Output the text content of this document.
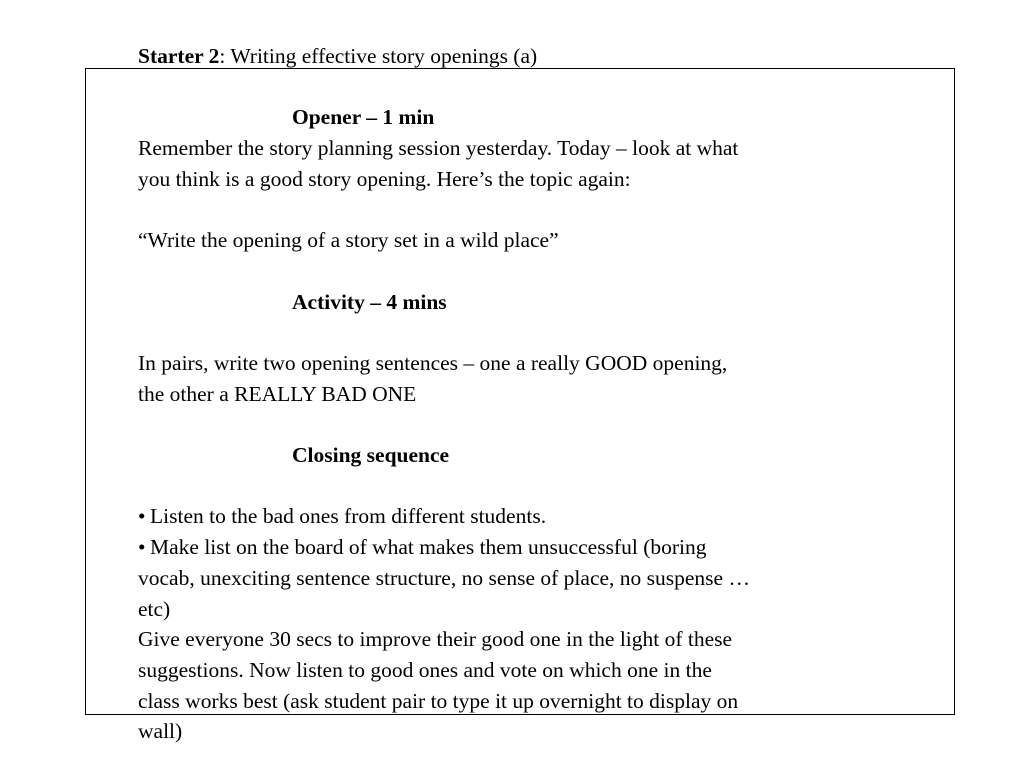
Starter 2: Writing effective story openings (a)
Opener – 1 min
Remember the story planning session yesterday. Today – look at what
you think is a good story opening. Here’s the topic again:
“Write the opening of a story set in a wild place”
Activity – 4 mins
In pairs, write two opening sentences – one a really GOOD opening,
the other a REALLY BAD ONE
Closing sequence
• Listen to the bad ones from different students.
• Make list on the board of what makes them unsuccessful (boring
vocab, unexciting sentence structure, no sense of place, no suspense …
etc)
Give everyone 30 secs to improve their good one in the light of these
suggestions. Now listen to good ones and vote on which one in the
class works best (ask student pair to type it up overnight to display on
wall)
